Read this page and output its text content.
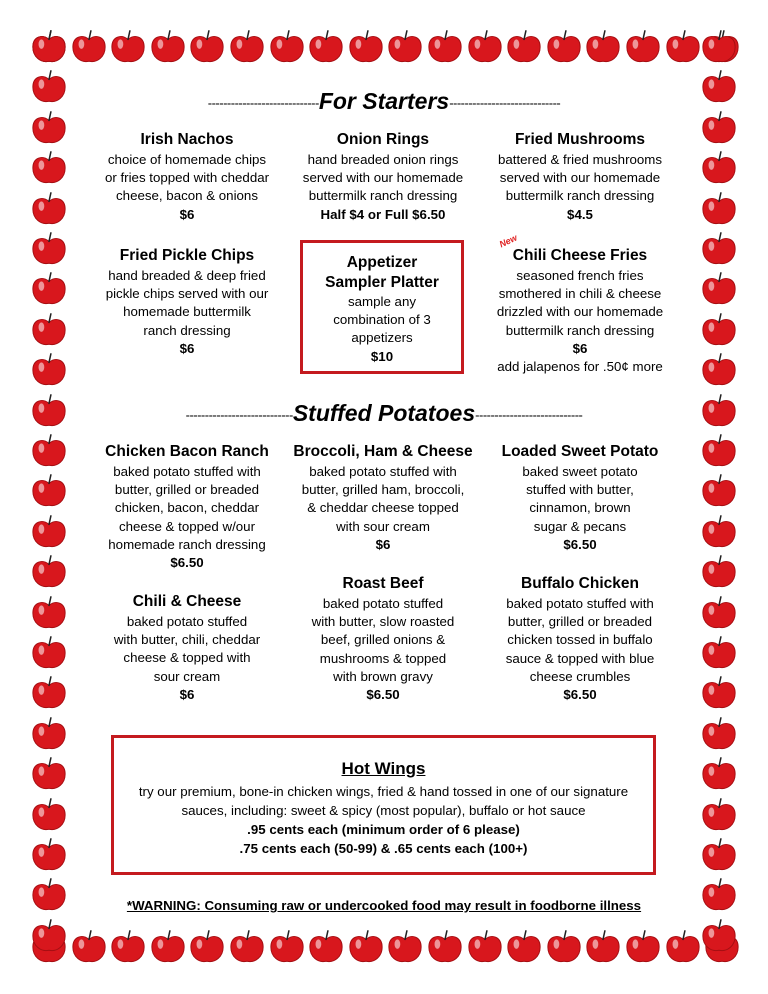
-----------------------------For Starters-----------------------------
Irish Nachos
choice of homemade chips
or fries topped with cheddar
cheese, bacon & onions
$6
Onion Rings
hand breaded onion rings
served with our homemade
buttermilk ranch dressing
Half $4 or Full $6.50
Fried Mushrooms
battered & fried mushrooms
served with our homemade
buttermilk ranch dressing
$4.5
Fried Pickle Chips
hand breaded & deep fried
pickle chips served with our
homemade buttermilk
ranch dressing
$6
Appetizer
Sampler Platter
sample any
combination of 3
appetizers
$10
New
Chili Cheese Fries
seasoned french fries
smothered in chili & cheese
drizzled with our homemade
buttermilk ranch dressing
$6
add jalapenos for .50¢ more
----------------------------Stuffed Potatoes----------------------------
Chicken Bacon Ranch
baked potato stuffed with
butter, grilled or breaded
chicken, bacon, cheddar
cheese & topped w/our
homemade ranch dressing
$6.50
Broccoli, Ham & Cheese
baked potato stuffed with
butter, grilled ham, broccoli,
& cheddar cheese topped
with sour cream
$6
Loaded Sweet Potato
baked sweet potato
stuffed with butter,
cinnamon, brown
sugar & pecans
$6.50
Chili & Cheese
baked potato stuffed
with butter, chili, cheddar
cheese & topped with
sour cream
$6
Roast Beef
baked potato stuffed
with butter, slow roasted
beef, grilled onions &
mushrooms & topped
with brown gravy
$6.50
Buffalo Chicken
baked potato stuffed with
butter, grilled or breaded
chicken tossed in buffalo
sauce & topped with blue
cheese crumbles
$6.50
Hot Wings
try our premium, bone-in chicken wings, fried & hand tossed in one of our signature
sauces, including: sweet & spicy (most popular), buffalo or hot sauce
.95 cents each (minimum order of 6 please)
.75 cents each (50-99) & .65 cents each (100+)
*WARNING: Consuming raw or undercooked food may result in foodborne illness
